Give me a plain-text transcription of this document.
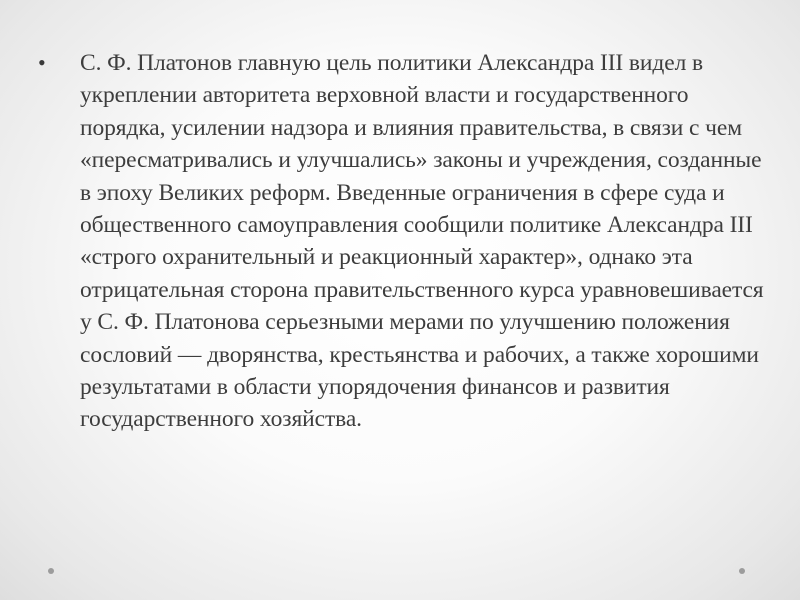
•	С. Ф. Платонов главную цель политики Александра III видел в укреплении авторитета верховной власти и государственного порядка, усилении надзора и влияния правительства, в связи с чем «пересматривались и улучшались» законы и учреждения, созданные в эпоху Великих реформ. Введенные ограничения в сфере суда и общественного самоуправления сообщили политике Александра III «строго охранительный и реакционный характер», однако эта отрицательная сторона правительственного курса уравновешивается у С. Ф. Платонова серьезными мерами по улучшению положения сословий — дворянства, крестьянства и рабочих, а также хорошими результатами в области упорядочения финансов и развития государственного хозяйства.
